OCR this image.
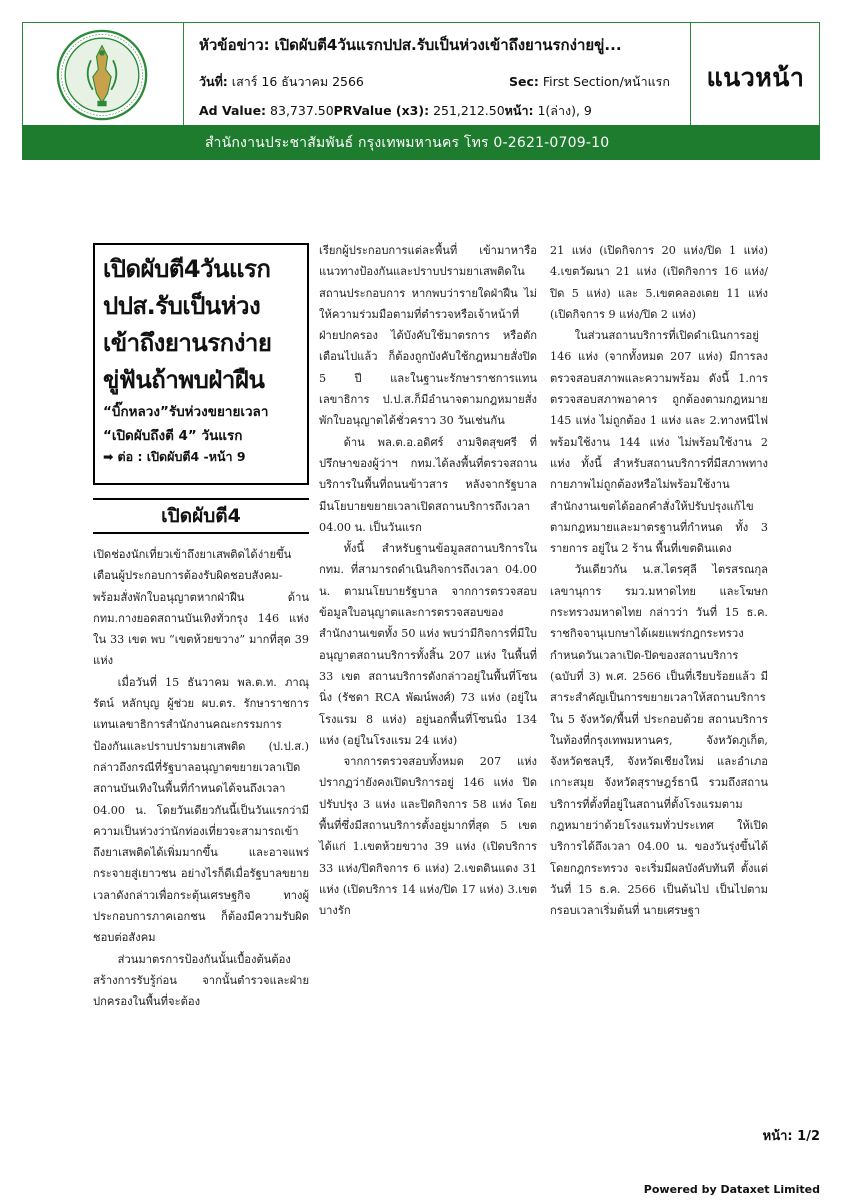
หัวข้อข่าว: เปิดผับตี4วันแรกปปส.รับเป็นห่วงเข้าถึงยานรกง่ายขู่...
วันที่: เสาร์ 16 ธันวาคม 2566	Sec: First Section/หน้าแรก
Ad Value: 83,737.50PRValue (x3): 251,212.50หน้า: 1(ล่าง), 9
แนวหน้า
สำนักงานประชาสัมพันธ์ กรุงเทพมหานคร โทร 0-2621-0709-10
เปิดผับตี4วันแรก
ปปส.รับเป็นห่วง
เข้าถึงยานรกง่าย
ขู่ฟันถ้าพบฝ่าฝืน
“บิ๊กหลวง”รับห่วงขยายเวลา
“เปิดผับถึงตี 4” วันแรก
➡ ต่อ : เปิดผับตี4 -หน้า 9
เปิดผับตี4

เปิดช่องนักเที่ยวเข้าถึงยาเสพติดได้ง่ายขึ้น เตือนผู้ประกอบการต้องรับผิดชอบสังคม-พร้อมสั่งพักใบอนุญาตหากฝ่าฝืน ด้าน กทม.กางยอดสถานบันเทิงทั่วกรุง 146 แห่ง ใน 33 เขต พบ “เขตห้วยขวาง” มากที่สุด 39 แห่ง

เมื่อวันที่ 15 ธันวาคม พล.ต.ท. ภาณุรัตน์ หลักบุญ ผู้ช่วย ผบ.ตร. รักษาราชการแทนเลขาธิการสำนักงานคณะกรรมการป้องกันและปราบปรามยาเสพติด (ป.ป.ส.) กล่าวถึงกรณีที่รัฐบาลอนุญาตขยายเวลาเปิดสถานบันเทิงในพื้นที่กำหนดได้จนถึงเวลา 04.00 น. โดยวันเดียวกันนี้เป็นวันแรกว่ามีความเป็นห่วงว่านักท่องเที่ยวจะสามารถเข้าถึงยาเสพติดได้เพิ่มมากขึ้น และอาจแพร่กระจายสู่เยาวชน อย่างไรก็ดีเมื่อรัฐบาลขยายเวลาดังกล่าวเพื่อกระตุ้นเศรษฐกิจ ทางผู้ประกอบการภาคเอกชน ก็ต้องมีความรับผิดชอบต่อสังคม

ส่วนมาตรการป้องกันนั้นเบื้องต้นต้องสร้างการรับรู้ก่อน จากนั้นตำรวจและฝ่ายปกครองในพื้นที่จะต้อง

เรียกผู้ประกอบการแต่ละพื้นที่ เข้ามาหารือแนวทางป้องกันและปราบปรามยาเสพติดในสถานประกอบการ หากพบว่ารายใดฝ่าฝืน ไม่ให้ความร่วมมือตามที่ตำรวจหรือเจ้าหน้าที่ฝ่ายปกครอง ได้บังคับใช้มาตรการ หรือตักเตือนไปแล้ว ก็ต้องถูกบังคับใช้กฎหมายสั่งปิด 5 ปี และในฐานะรักษาราชการแทนเลขาธิการ ป.ป.ส.ก็มีอำนาจตามกฎหมายสั่งพักใบอนุญาตได้ชั่วคราว 30 วันเช่นกัน

ด้าน พล.ต.อ.อดิศร์ งามจิตสุขศรี ที่ปรึกษาของผู้ว่าฯ กทม.ได้ลงพื้นที่ตรวจสถานบริการในพื้นที่ถนนข้าวสาร หลังจากรัฐบาลมีนโยบายขยายเวลาเปิดสถานบริการถึงเวลา 04.00 น. เป็นวันแรก

ทั้งนี้ สำหรับฐานข้อมูลสถานบริการใน กทม. ที่สามารถดำเนินกิจการถึงเวลา 04.00 น. ตามนโยบายรัฐบาล จากการตรวจสอบข้อมูลใบอนุญาตและการตรวจสอบของสำนักงานเขตทั้ง 50 แห่ง พบว่ามีกิจการที่มีใบอนุญาตสถานบริการทั้งสิ้น 207 แห่ง ในพื้นที่ 33 เขต สถานบริการดังกล่าวอยู่ในพื้นที่โซนนิ่ง (รัชดา RCA พัฒน์พงศ์) 73 แห่ง (อยู่ในโรงแรม 8 แห่ง) อยู่นอกพื้นที่โซนนิ่ง 134 แห่ง (อยู่ในโรงแรม 24 แห่ง)

จากการตรวจสอบทั้งหมด 207 แห่ง ปรากฏว่ายังคงเปิดบริการอยู่ 146 แห่ง ปิดปรับปรุง 3 แห่ง และปิดกิจการ 58 แห่ง โดยพื้นที่ซึ่งมีสถานบริการตั้งอยู่มากที่สุด 5 เขต ได้แก่ 1.เขตห้วยขวาง 39 แห่ง (เปิดบริการ 33 แห่ง/ปิดกิจการ 6 แห่ง) 2.เขตดินแดง 31 แห่ง (เปิดบริการ 14 แห่ง/ปิด 17 แห่ง) 3.เขตบางรัก

21 แห่ง (เปิดกิจการ 20 แห่ง/ปิด 1 แห่ง) 4.เขตวัฒนา 21 แห่ง (เปิดกิจการ 16 แห่ง/ปิด 5 แห่ง) และ 5.เขตคลองเตย 11 แห่ง (เปิดกิจการ 9 แห่ง/ปิด 2 แห่ง)

ในส่วนสถานบริการที่เปิดดำเนินการอยู่ 146 แห่ง (จากทั้งหมด 207 แห่ง) มีการลงตรวจสอบสภาพและความพร้อม ดังนี้ 1.การตรวจสอบสภาพอาคาร ถูกต้องตามกฎหมาย 145 แห่ง ไม่ถูกต้อง 1 แห่ง และ 2.ทางหนีไฟ พร้อมใช้งาน 144 แห่ง ไม่พร้อมใช้งาน 2 แห่ง ทั้งนี้ สำหรับสถานบริการที่มีสภาพทางกายภาพไม่ถูกต้องหรือไม่พร้อมใช้งาน สำนักงานเขตได้ออกคำสั่งให้ปรับปรุงแก้ไขตามกฎหมายและมาตรฐานที่กำหนด ทั้ง 3 รายการ อยู่ใน 2 ร้าน พื้นที่เขตดินแดง

วันเดียวกัน น.ส.ไตรศุลี ไตรสรณกุล เลขานุการ รมว.มหาดไทย และโฆษกกระทรวงมหาดไทย กล่าวว่า วันที่ 15 ธ.ค. ราชกิจจานุเบกษาได้เผยแพร่กฎกระทรวงกำหนดวันเวลาเปิด-ปิดของสถานบริการ (ฉบับที่ 3) พ.ศ. 2566 เป็นที่เรียบร้อยแล้ว มีสาระสำคัญเป็นการขยายเวลาให้สถานบริการใน 5 จังหวัด/พื้นที่ ประกอบด้วย สถานบริการในท้องที่กรุงเทพมหานคร, จังหวัดภูเก็ต, จังหวัดชลบุรี, จังหวัดเชียงใหม่ และอำเภอเกาะสมุย จังหวัดสุราษฎร์ธานี รวมถึงสถานบริการที่ตั้งที่อยู่ในสถานที่ตั้งโรงแรมตามกฎหมายว่าด้วยโรงแรมทั่วประเทศ ให้เปิดบริการได้ถึงเวลา 04.00 น. ของวันรุ่งขึ้นได้ โดยกฎกระทรวง จะเริ่มมีผลบังคับทันที ตั้งแต่วันที่ 15 ธ.ค. 2566 เป็นต้นไป เป็นไปตามกรอบเวลาเริ่มต้นที่ นายเศรษฐา

หน้า: 1/2
Powered by Dataxet Limited
